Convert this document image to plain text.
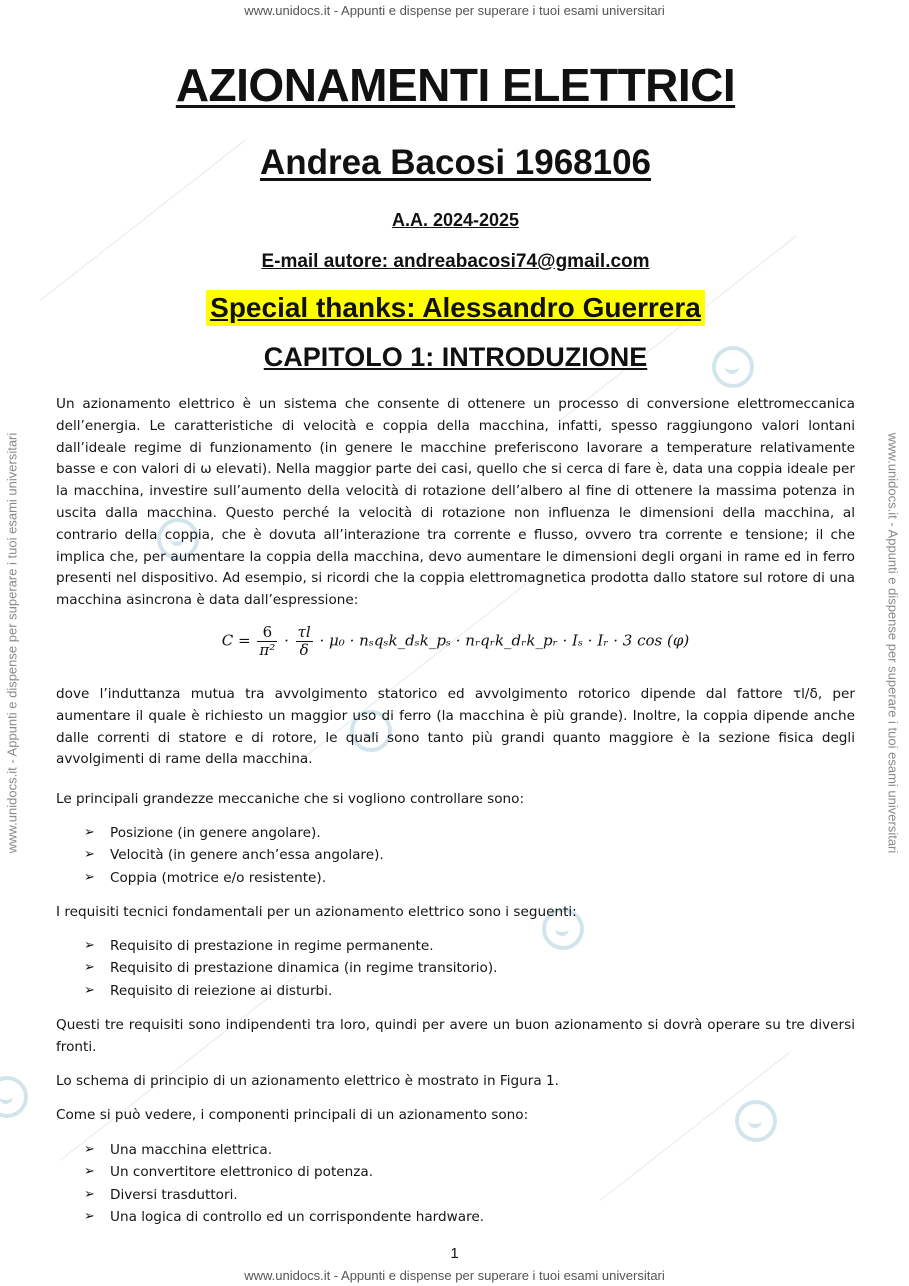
www.unidocs.it - Appunti e dispense per superare i tuoi esami universitari
www.unidocs.it - Appunti e dispense per superare i tuoi esami universitari
www.unidocs.it - Appunti e dispense per superare i tuoi esami universitari	www.unidocs.it - Appunti e dispense per superare i tuoi esami universitari
AZIONAMENTI ELETTRICI
Andrea Bacosi 1968106
A.A. 2024-2025
E-mail autore: andreabacosi74@gmail.com
Special thanks: Alessandro Guerrera
CAPITOLO 1: INTRODUZIONE

Un azionamento elettrico è un sistema che consente di ottenere un processo di conversione elettromeccanica dell’energia. Le caratteristiche di velocità e coppia della macchina, infatti, spesso raggiungono valori lontani dall’ideale regime di funzionamento (in genere le macchine preferiscono lavorare a temperature relativamente basse e con valori di ω elevati). Nella maggior parte dei casi, quello che si cerca di fare è, data una coppia ideale per la macchina, investire sull’aumento della velocità di rotazione dell’albero al fine di ottenere la massima potenza in uscita dalla macchina. Questo perché la velocità di rotazione non influenza le dimensioni della macchina, al contrario della coppia, che è dovuta all’interazione tra corrente e flusso, ovvero tra corrente e tensione; il che implica che, per aumentare la coppia della macchina, devo aumentare le dimensioni degli organi in rame ed in ferro presenti nel dispositivo. Ad esempio, si ricordi che la coppia elettromagnetica prodotta dallo statore sul rotore di una macchina asincrona è data dall’espressione:

$C = \frac{6}{\text{π²}} \cdot \frac{\tau l}{\delta} \cdot \mu_0$ · nₛqₛk_dₛk_pₛ · nᵣqᵣk_dᵣk_pᵣ · Iₛ · Iᵣ · 3 cos (φ)

dove l’induttanza mutua tra avvolgimento statorico ed avvolgimento rotorico dipende dal fattore τl/δ, per aumentare il quale è richiesto un maggior uso di ferro (la macchina è più grande). Inoltre, la coppia dipende anche dalle correnti di statore e di rotore, le quali sono tanto più grandi quanto maggiore è la sezione fisica degli avvolgimenti di rame della macchina.

Le principali grandezze meccaniche che si vogliono controllare sono:

➢ Posizione (in genere angolare).
➢ Velocità (in genere anch’essa angolare).
➢ Coppia (motrice e/o resistente).

I requisiti tecnici fondamentali per un azionamento elettrico sono i seguenti:

➢ Requisito di prestazione in regime permanente.
➢ Requisito di prestazione dinamica (in regime transitorio).
➢ Requisito di reiezione ai disturbi.

Questi tre requisiti sono indipendenti tra loro, quindi per avere un buon azionamento si dovrà operare su tre diversi fronti.

Lo schema di principio di un azionamento elettrico è mostrato in Figura 1.

Come si può vedere, i componenti principali di un azionamento sono:

➢ Una macchina elettrica.
➢ Un convertitore elettronico di potenza.
➢ Diversi trasduttori.
➢ Una logica di controllo ed un corrispondente hardware.
1
